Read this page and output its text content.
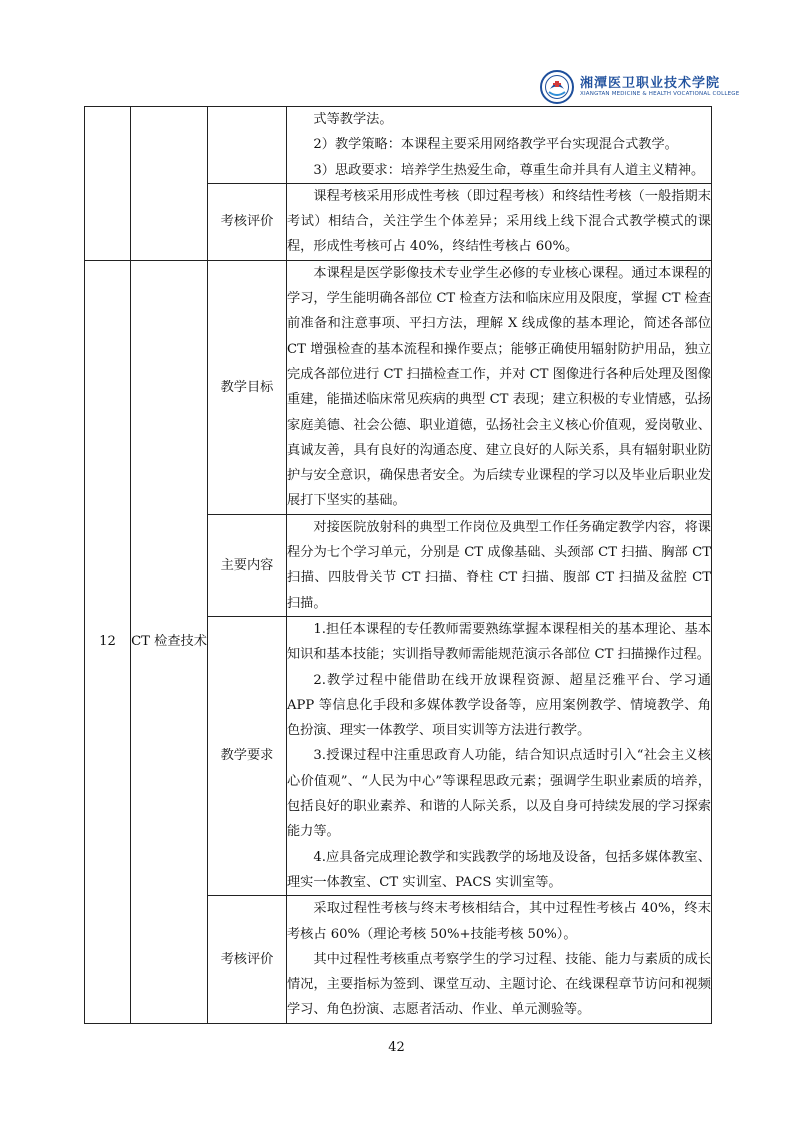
湘潭医卫职业技术学院
XIANGTAN MEDICINE & HEALTH VOCATIONAL COLLEGE

			式等教学法。

2）教学策略：本课程主要采用网络教学平台实现混合式教学。

3）思政要求：培养学生热爱生命，尊重生命并具有人道主义精神。

		考核评价	课程考核采用形成性考核（即过程考核）和终结性考核（一般指期末考试）相结合，关注学生个体差异；采用线上线下混合式教学模式的课程，形成性考核可占 40%，终结性考核占 60%。

12	CT 检查技术	教学目标	本课程是医学影像技术专业学生必修的专业核心课程。通过本课程的学习，学生能明确各部位 CT 检查方法和临床应用及限度，掌握 CT 检查前准备和注意事项、平扫方法，理解 X 线成像的基本理论，简述各部位 CT 增强检查的基本流程和操作要点；能够正确使用辐射防护用品，独立完成各部位进行 CT 扫描检查工作，并对 CT 图像进行各种后处理及图像重建，能描述临床常见疾病的典型 CT 表现；建立积极的专业情感，弘扬家庭美德、社会公德、职业道德，弘扬社会主义核心价值观，爱岗敬业、真诚友善，具有良好的沟通态度、建立良好的人际关系，具有辐射职业防护与安全意识，确保患者安全。为后续专业课程的学习以及毕业后职业发展打下坚实的基础。

		主要内容	对接医院放射科的典型工作岗位及典型工作任务确定教学内容，将课程分为七个学习单元，分别是 CT 成像基础、头颈部 CT 扫描、胸部 CT 扫描、四肢骨关节 CT 扫描、脊柱 CT 扫描、腹部 CT 扫描及盆腔 CT 扫描。

		教学要求	1.担任本课程的专任教师需要熟练掌握本课程相关的基本理论、基本知识和基本技能；实训指导教师需能规范演示各部位 CT 扫描操作过程。

2.教学过程中能借助在线开放课程资源、超星泛雅平台、学习通 APP 等信息化手段和多媒体教学设备等，应用案例教学、情境教学、角色扮演、理实一体教学、项目实训等方法进行教学。

3.授课过程中注重思政育人功能，结合知识点适时引入“社会主义核心价值观”、“人民为中心”等课程思政元素；强调学生职业素质的培养，包括良好的职业素养、和谐的人际关系，以及自身可持续发展的学习探索能力等。

4.应具备完成理论教学和实践教学的场地及设备，包括多媒体教室、理实一体教室、CT 实训室、PACS 实训室等。

		考核评价	采取过程性考核与终末考核相结合，其中过程性考核占 40%，终末考核占 60%（理论考核 50%+技能考核 50%）。

其中过程性考核重点考察学生的学习过程、技能、能力与素质的成长情况，主要指标为签到、课堂互动、主题讨论、在线课程章节访问和视频学习、角色扮演、志愿者活动、作业、单元测验等。

42
